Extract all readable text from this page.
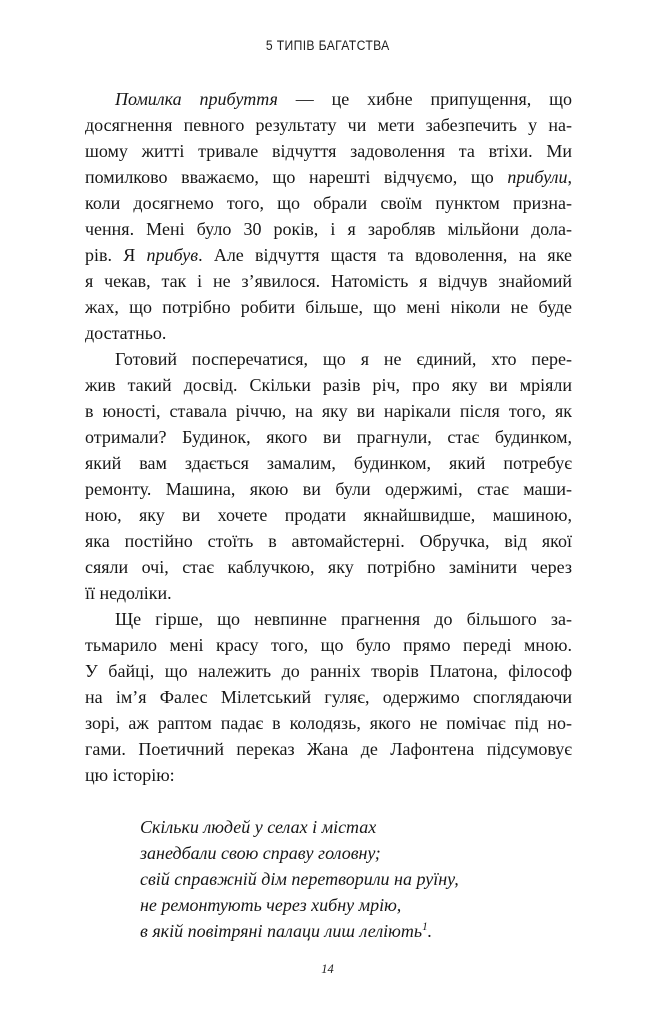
5 ТИПІВ БАГАТСТВА
Помилка прибуття — це хибне припущення, що
досягнення певного результату чи мети забезпечить у на-
шому житті тривале відчуття задоволення та втіхи. Ми
помилково вважаємо, що нарешті відчуємо, що прибули,
коли досягнемо того, що обрали своїм пунктом призна-
чення. Мені було 30 років, і я заробляв мільйони дола-
рів. Я прибув. Але відчуття щастя та вдоволення, на яке
я чекав, так і не з’явилося. Натомість я відчув знайомий
жах, що потрібно робити більше, що мені ніколи не буде
достатньо.
Готовий посперечатися, що я не єдиний, хто пере-
жив такий досвід. Скільки разів річ, про яку ви мріяли
в юності, ставала річчю, на яку ви нарікали після того, як
отримали? Будинок, якого ви прагнули, стає будинком,
який вам здається замалим, будинком, який потребує
ремонту. Машина, якою ви були одержимі, стає маши-
ною, яку ви хочете продати якнайшвидше, машиною,
яка постійно стоїть в автомайстерні. Обручка, від якої
сяяли очі, стає каблучкою, яку потрібно замінити через
її недоліки.
Ще гірше, що невпинне прагнення до більшого за-
тьмарило мені красу того, що було прямо переді мною.
У байці, що належить до ранніх творів Платона, філософ
на ім’я Фалес Мілетський гуляє, одержимо споглядаючи
зорі, аж раптом падає в колодязь, якого не помічає під но-
гами. Поетичний переказ Жана де Лафонтена підсумовує
цю історію:
Скільки людей у селах і містах
занедбали свою справу головну;
свій справжній дім перетворили на руїну,
не ремонтують через хибну мрію,
в якій повітряні палаци лиш леліють$^1$.
14
